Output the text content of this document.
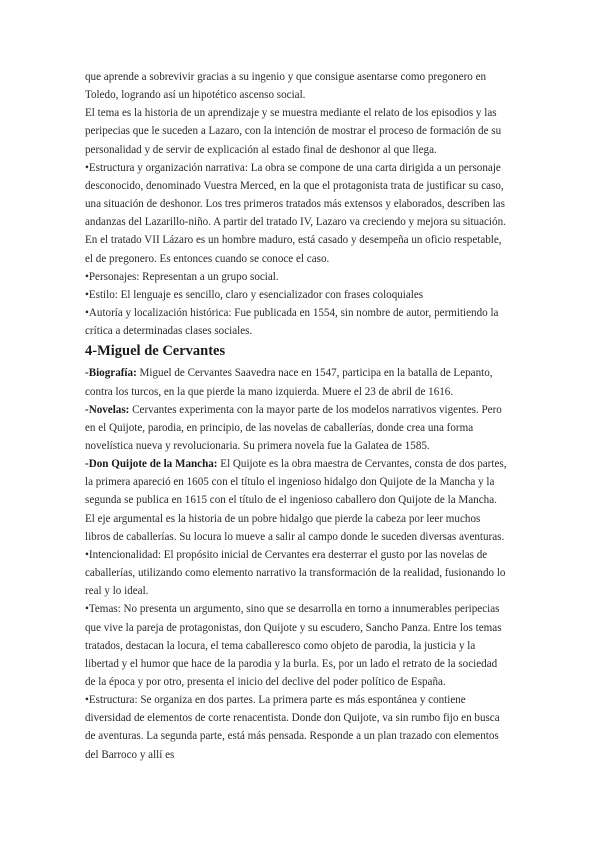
que aprende a sobrevivir gracias a su ingenio y que consigue asentarse como pregonero en Toledo, logrando así un hipotético ascenso social.

El tema es la historia de un aprendizaje y se muestra mediante el relato de los episodios y las peripecias que le suceden a Lazaro, con la intención de mostrar el proceso de formación de su personalidad y de servir de explicación al estado final de deshonor al que llega.

•Estructura y organización narrativa: La obra se compone de una carta dirigida a un personaje desconocido, denominado Vuestra Merced, en la que el protagonista trata de justificar su caso, una situación de deshonor. Los tres primeros tratados más extensos y elaborados, describen las andanzas del Lazarillo-niño. A partir del tratado IV, Lazaro va creciendo y mejora su situación. En el tratado VII Lázaro es un hombre maduro, está casado y desempeña un oficio respetable, el de pregonero. Es entonces cuando se conoce el caso.

•Personajes: Representan a un grupo social.

•Estilo: El lenguaje es sencillo, claro y esencializador con frases coloquiales

•Autoría y localización histórica: Fue publicada en 1554, sin nombre de autor, permitiendo la crítica a determinadas clases sociales.

4-Miguel de Cervantes

-Biografía: Miguel de Cervantes Saavedra nace en 1547, participa en la batalla de Lepanto, contra los turcos, en la que pierde la mano izquierda. Muere el 23 de abril de 1616.

-Novelas: Cervantes experimenta con la mayor parte de los modelos narrativos vigentes. Pero en el Quijote, parodia, en principio, de las novelas de caballerías, donde crea una forma novelística nueva y revolucionaria. Su primera novela fue la Galatea de 1585.

-Don Quijote de la Mancha: El Quijote es la obra maestra de Cervantes, consta de dos partes, la primera apareció en 1605 con el título el ingenioso hidalgo don Quijote de la Mancha y la segunda se publica en 1615 con el título de el ingenioso caballero don Quijote de la Mancha. El eje argumental es la historia de un pobre hidalgo que pierde la cabeza por leer muchos libros de caballerías. Su locura lo mueve a salir al campo donde le suceden diversas aventuras.

•Intencionalidad: El propósito inicial de Cervantes era desterrar el gusto por las novelas de caballerías, utilizando como elemento narrativo la transformación de la realidad, fusionando lo real y lo ideal.

•Temas: No presenta un argumento, sino que se desarrolla en torno a innumerables peripecias que vive la pareja de protagonistas, don Quijote y su escudero, Sancho Panza. Entre los temas tratados, destacan la locura, el tema caballeresco como objeto de parodia, la justicia y la libertad y el humor que hace de la parodia y la burla. Es, por un lado el retrato de la sociedad de la época y por otro, presenta el inicio del declive del poder político de España.

•Estructura: Se organiza en dos partes. La primera parte es más espontánea y contiene diversidad de elementos de corte renacentista. Donde don Quijote, va sin rumbo fijo en busca de aventuras. La segunda parte, está más pensada. Responde a un plan trazado con elementos del Barroco y allí es
